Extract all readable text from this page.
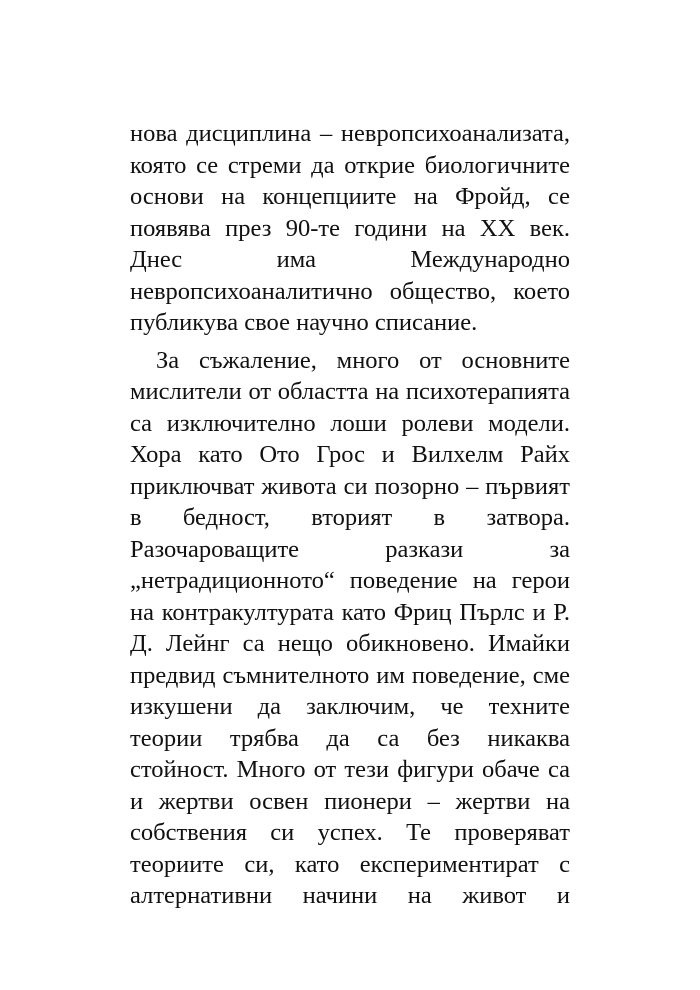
нова дисциплина – невропсихоанализата,
която се стреми да открие биологичните
основи на концепциите на Фройд, се
появява през 90-те години на XX век.
Днес има Международно
невропсихоаналитично общество, което
публикува свое научно списание.
За съжаление, много от основните
мислители от областта на психотерапията
са изключително лоши ролеви модели.
Хора като Ото Грос и Вилхелм Райх
приключват живота си позорно – първият
в бедност, вторият в затвора.
Разочароващите разкази за
„нетрадиционното“ поведение на герои
на контракултурата като Фриц Пърлс и Р.
Д. Лейнг са нещо обикновено. Имайки
предвид съмнителното им поведение, сме
изкушени да заключим, че техните
теории трябва да са без никаква
стойност. Много от тези фигури обаче са
и жертви освен пионери – жертви на
собствения си успех. Те проверяват
теориите си, като експериментират с
алтернативни начини на живот и
